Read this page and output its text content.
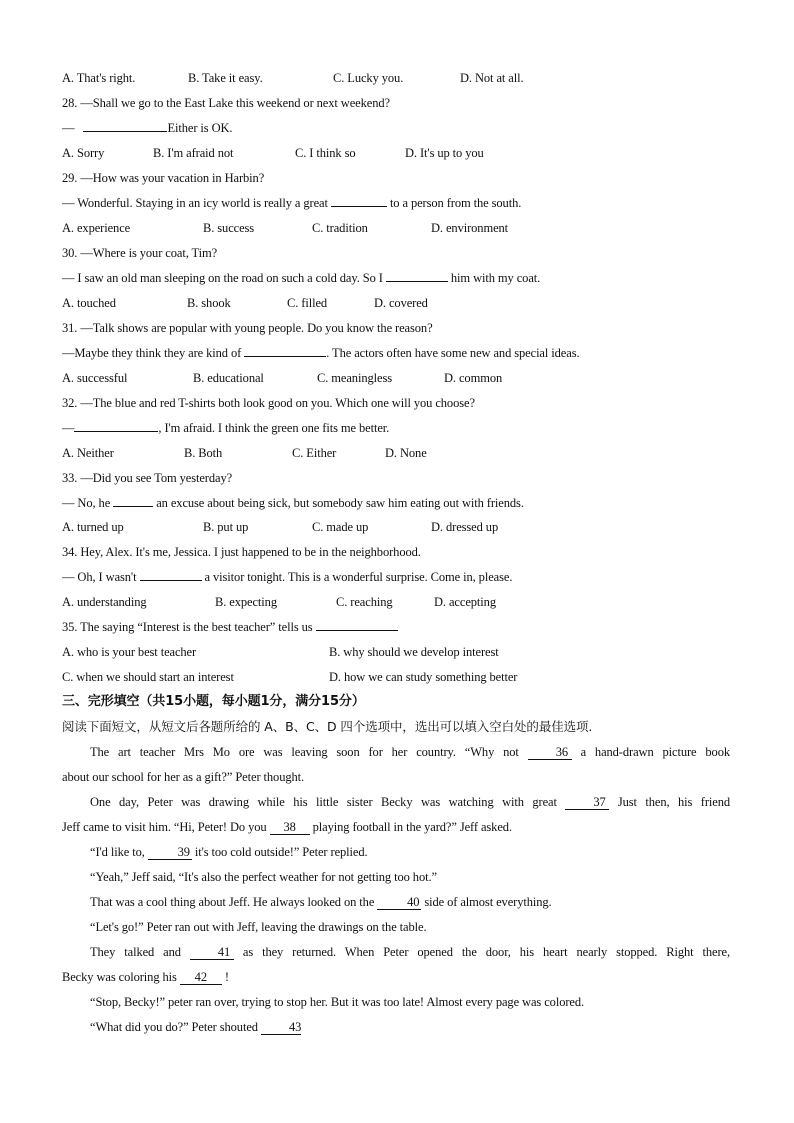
A. That's right.	B. Take it easy.	C. Lucky you.	D. Not at all.
28. —Shall we go to the East Lake this weekend or next weekend?
—	Either is OK.
A. Sorry	B. I'm afraid not	C. I think so	D. It's up to you
29. —How was your vacation in Harbin?
— Wonderful. Staying in an icy world is really a great	to a person from the south.
A. experience	B. success	C. tradition	D. environment
30. —Where is your coat, Tim?
— I saw an old man sleeping on the road on such a cold day. So I	him with my coat.
A. touched	B. shook	C. filled	D. covered
31. —Talk shows are popular with young people. Do you know the reason?
—Maybe they think they are kind of	. The actors often have some new and special ideas.
A. successful	B. educational	C. meaningless	D. common
32. —The blue and red T-shirts both look good on you. Which one will you choose?
—	, I'm afraid. I think the green one fits me better.
A. Neither	B. Both	C. Either	D. None
33. —Did you see Tom yesterday?
— No, he	an excuse about being sick, but somebody saw him eating out with friends.
A. turned up	B. put up	C. made up	D. dressed up
34. Hey, Alex. It's me, Jessica. I just happened to be in the neighborhood.
— Oh, I wasn't	a visitor tonight. This is a wonderful surprise. Come in, please.
A. understanding	B. expecting	C. reaching	D. accepting
35. The saying “Interest is the best teacher” tells us
A. who is your best teacher	B. why should we develop interest
C. when we should start an interest	D. how we can study something better
三、完形填空（共15小题，每小题1分，满分15分）
阅读下面短文，从短文后各题所给的 A、B、C、D 四个选项中，选出可以填入空白处的最佳选项.
The art teacher Mrs Mo ore was leaving soon for her country. “Why not	36 a hand-drawn picture book
about our school for her as a gift?” Peter thought.
One day, Peter was drawing while his little sister Becky was watching with great	37 Just then, his friend
Jeff came to visit him. “Hi, Peter! Do you 38 playing football in the yard?” Jeff asked.
“I'd like to,	39 it's too cold outside!” Peter replied.
“Yeah,” Jeff said, “It's also the perfect weather for not getting too hot.”
That was a cool thing about Jeff. He always looked on the	40 side of almost everything.
“Let's go!” Peter ran out with Jeff, leaving the drawings on the table.
They talked and	41 as they returned. When Peter opened the door, his heart nearly stopped. Right there,
Becky was coloring his 42 !
“Stop, Becky!” peter ran over, trying to stop her. But it was too late! Almost every page was colored.
“What did you do?” Peter shouted 43
